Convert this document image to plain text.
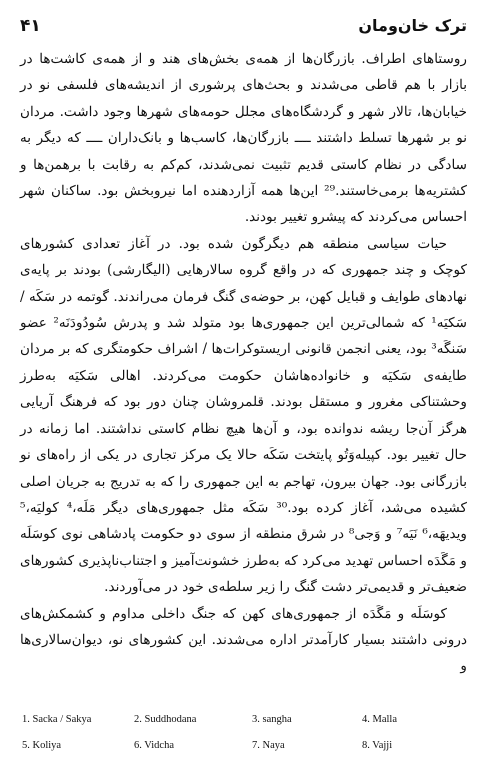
ترک خان‌ومان
۴۱

روستاهای اطراف. بازرگان‌ها از همه‌ی بخش‌های هند و از همه‌ی کاشت‌ها در بازار با هم قاطی می‌شدند و بحث‌های پرشوری از اندیشه‌های فلسفی نو در خیابان‌ها، تالار شهر و گردشگاه‌های مجلل حومه‌های شهرها وجود داشت. مردان نو بر شهرها تسلط داشتند ــــ بازرگان‌ها، کاسب‌ها و بانک‌داران ــــ که دیگر به سادگی در نظام کاستی قدیم تثبیت نمی‌شدند، کم‌کم به رقابت با برهمن‌ها و کشتریه‌ها برمی‌خاستند.²⁹ این‌ها همه آزاردهنده اما نیروبخش بود. ساکنان شهر احساس می‌کردند که پیشرو تغییر بودند.

حیات سیاسی منطقه هم دیگرگون شده بود. در آغاز تعدادی کشورهای کوچک و چند جمهوری که در واقع گروه سالارهایی (الیگارشی) بودند بر پایه‌ی نهادهای طوایف و قبایل کهن، بر حوضه‌ی گنگ فرمان می‌راندند. گوتمه در سَکَه / سَکیَه¹ که شمالی‌ترین این جمهوری‌ها بود متولد شد و پدرش سُودُودَنَه² عضو سَنگَه³ بود، یعنی انجمن قانونی اریستوکرات‌ها / اشراف حکومتگری که بر مردان طایفه‌ی سَکیَه و خانواده‌هاشان حکومت می‌کردند. اهالی سَکیَه به‌طرز وحشتناکی مغرور و مستقل بودند. قلمروشان چنان دور بود که فرهنگ آریایی هرگز آن‌جا ریشه ندوانده بود، و آن‌ها هیچ نظام کاستی نداشتند. اما زمانه در حال تغییر بود. کپیله‌وَتُو پایتخت سَکَه حالا یک مرکز تجاری در یکی از راه‌های نو بازرگانی بود. جهان بیرون، تهاجم به این جمهوری را که به تدریج به جریان اصلی کشیده می‌شد، آغاز کرده بود.³⁰ سَکَه مثل جمهوری‌های دیگر مَلَه،⁴ کولیَه،⁵ ویدیهَه،⁶ نَیَه⁷ و وَجی⁸ در شرق منطقه از سوی دو حکومت پادشاهی نوی کوسَلَه و مَگَدَه احساس تهدید می‌کرد که به‌طرز خشونت‌آمیز و اجتناب‌ناپذیری کشورهای ضعیف‌تر و قدیمی‌تر دشت گنگ را زیر سلطه‌ی خود در می‌آوردند.

کوسَلَه و مَگَدَه از جمهوری‌های کهن که جنگ داخلی مداوم و کشمکش‌های درونی داشتند بسیار کارآمدتر اداره می‌شدند. این کشورهای نو، دیوان‌سالاری‌ها و

1. Sa‌cka / Sakya	2. Suddhodana	3. sangha	4. Malla
5. K‌oliya	6. Vidcha	7. Naya	8. Vajji
